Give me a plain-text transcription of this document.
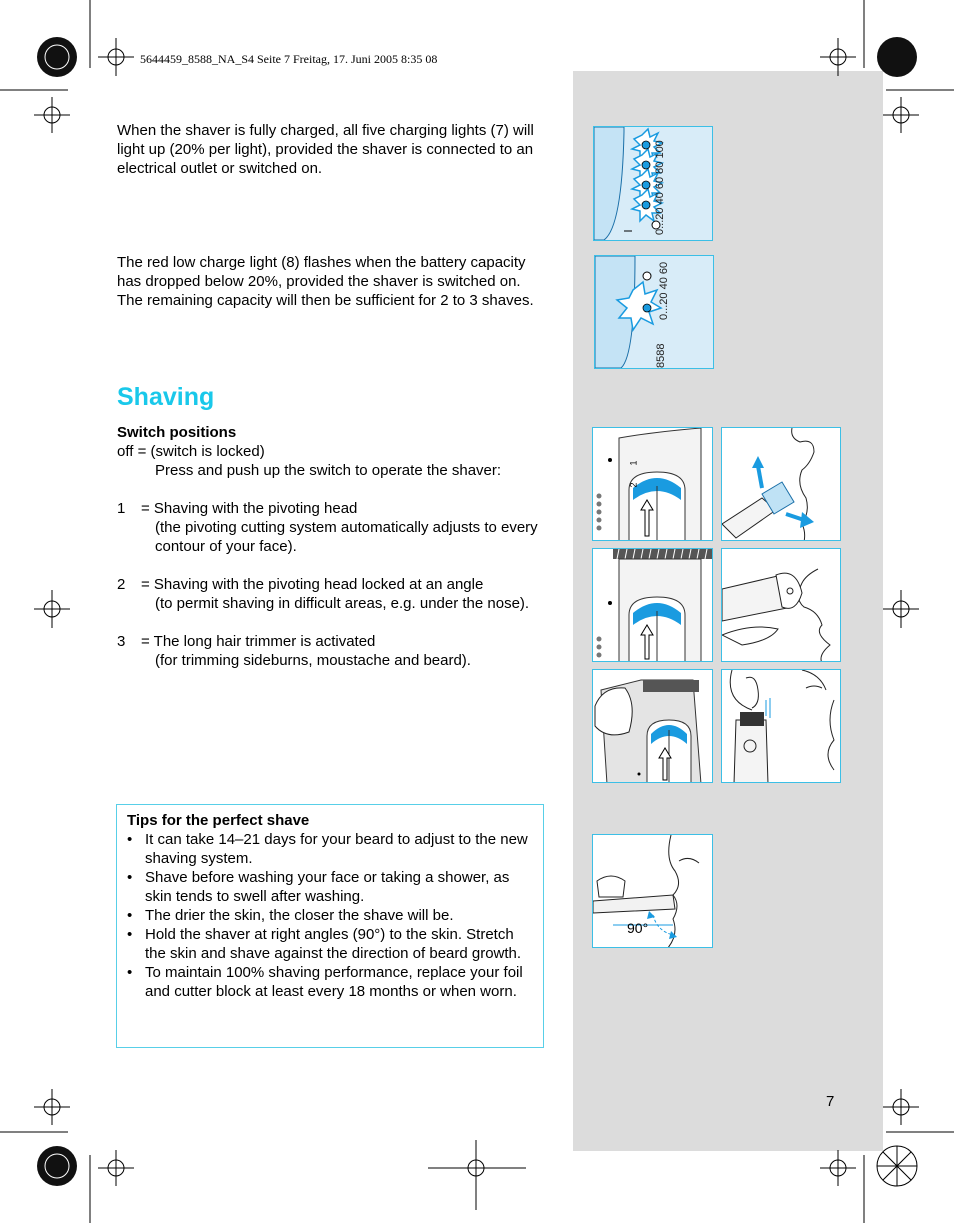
5644459_8588_NA_S4 Seite 7 Freitag, 17. Juni 2005 8:35 08

When the shaver is fully charged, all five charging lights (7) will light up (20% per light), provided the shaver is connected to an electrical outlet or switched on.

The red low charge light (8) flashes when the battery capacity has dropped below 20%, provided the shaver is switched on. The remaining capacity will then be sufficient for 2 to 3 shaves.

Shaving

Switch positions

off = (switch is locked)

Press and push up the switch to operate the shaver:

1	= Shaving with the pivoting head

(the pivoting cutting system automatically adjusts to every contour of your face).

2	= Shaving with the pivoting head locked at an angle

(to permit shaving in difficult areas, e.g. under the nose).

3	= The long hair trimmer is activated

(for trimming sideburns, moustache and beard).

Tips for the perfect shave
• It can take 14–21 days for your beard to adjust to the new shaving system.
• Shave before washing your face or taking a shower, as skin tends to swell after washing.
• The drier the skin, the closer the shave will be.
• Hold the shaver at right angles (90°) to the skin. Stretch the skin and shave against the direction of beard growth.
• To maintain 100% shaving performance, replace your foil and cutter block at least every 18 months or when worn.
0...20 40 60 80 100
0...20 40 60
8588
1
2
90°
7
